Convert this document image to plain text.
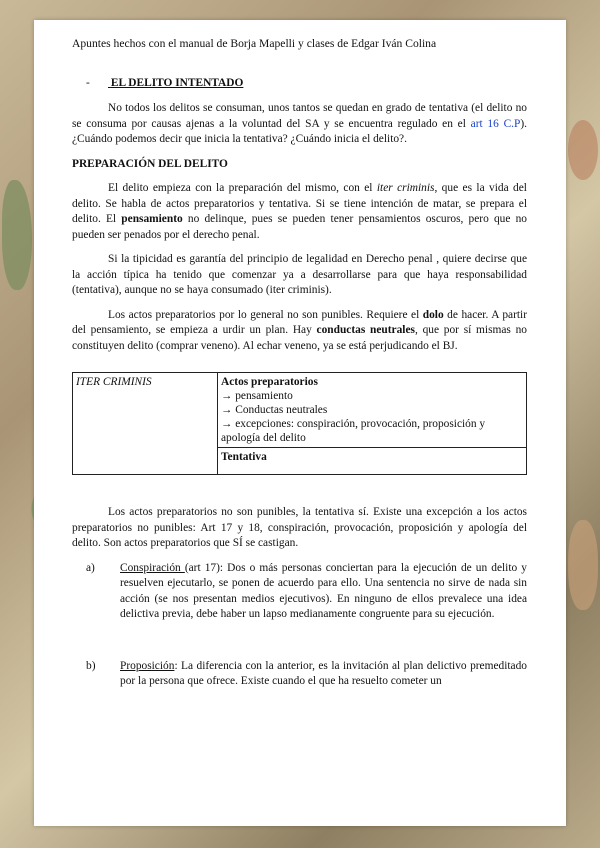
Apuntes hechos con el manual de Borja Mapelli y clases de Edgar Iván Colina
- EL DELITO INTENTADO

No todos los delitos se consuman, unos tantos se quedan en grado de tentativa (el delito no se consuma por causas ajenas a la voluntad del SA y se encuentra regulado en el art 16 C.P). ¿Cuándo podemos decir que inicia la tentativa? ¿Cuándo inicia el delito?.

PREPARACIÓN DEL DELITO

El delito empieza con la preparación del mismo, con el iter criminis, que es la vida del delito. Se habla de actos preparatorios y tentativa. Si se tiene intención de matar, se prepara el delito. El pensamiento no delinque, pues se pueden tener pensamientos oscuros, pero que no pueden ser penados por el derecho penal.

Si la tipicidad es garantía del principio de legalidad en Derecho penal , quiere decirse que la acción típica ha tenido que comenzar ya a desarrollarse para que haya responsabilidad (tentativa), aunque no se haya consumado (iter criminis).

Los actos preparatorios por lo general no son punibles. Requiere el dolo de hacer. A partir del pensamiento, se empieza a urdir un plan. Hay conductas neutrales, que por sí mismas no constituyen delito (comprar veneno). Al echar veneno, ya se está perjudicando el BJ.

ITER CRIMINIS	Actos preparatorios
→ pensamiento
→ Conductas neutrales
→ excepciones: conspiración, provocación, proposición y apología del delito

Tentativa

Los actos preparatorios no son punibles, la tentativa sí. Existe una excepción a los actos preparatorios no punibles: Art 17 y 18, conspiración, provocación, proposición y apología del delito. Son actos preparatorios que SÍ se castigan.

a)	Conspiración (art 17): Dos o más personas conciertan para la ejecución de un delito y resuelven ejecutarlo, se ponen de acuerdo para ello. Una sentencia no sirve de nada sin acción (se nos presentan medios ejecutivos). En ninguno de ellos prevalece una idea delictiva previa, debe haber un lapso medianamente congruente para su ejecución.
b)	Proposición: La diferencia con la anterior, es la invitación al plan delictivo premeditado por la persona que ofrece. Existe cuando el que ha resuelto cometer un
